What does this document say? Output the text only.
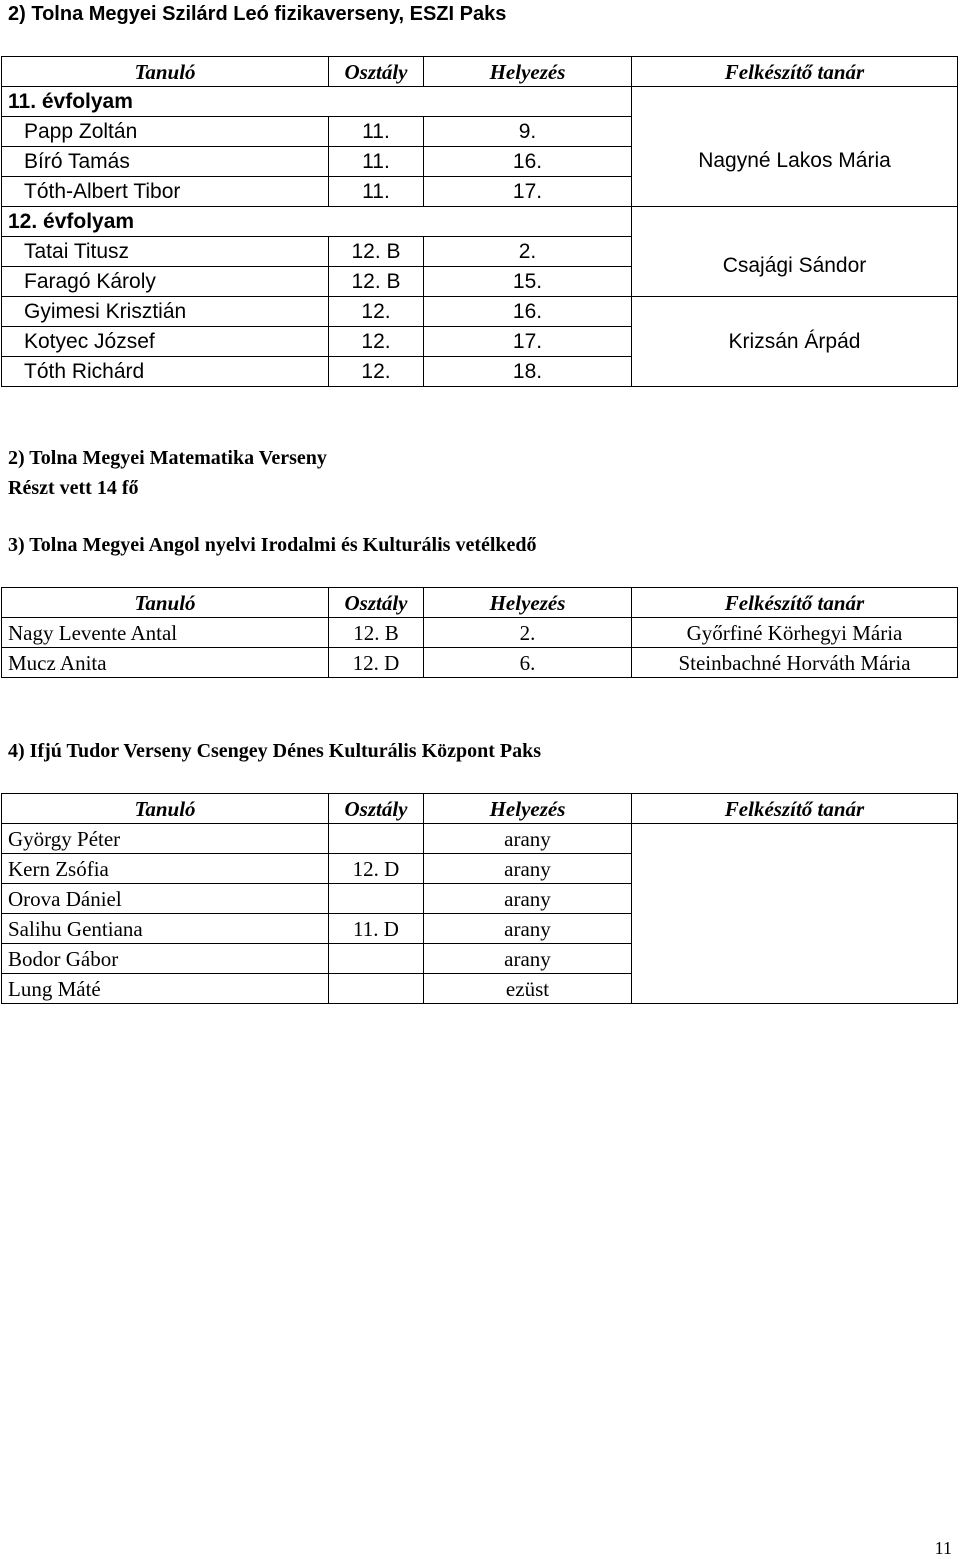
2) Tolna Megyei Szilárd Leó fizikaverseny, ESZI Paks
Tanuló	Osztály	Helyezés	Felkészítő tanár
11. évfolyam			
Papp Zoltán	11.	9.	Nagyné Lakos Mária
Bíró Tamás	11.	16.	
Tóth-Albert Tibor	11.	17.	
12. évfolyam			
Tatai Titusz	12. B	2.	Csajági Sándor
Faragó Károly	12. B	15.	
Gyimesi Krisztián	12.	16.	Krizsán Árpád
Kotyec József	12.	17.	
Tóth Richárd	12.	18.	
2) Tolna Megyei Matematika Verseny
Részt vett 14 fő
3) Tolna Megyei Angol nyelvi Irodalmi és Kulturális vetélkedő
Tanuló	Osztály	Helyezés	Felkészítő tanár
Nagy Levente Antal	12. B	2.	Győrfiné Körhegyi Mária
Mucz Anita	12. D	6.	Steinbachné Horváth Mária
4) Ifjú Tudor Verseny Csengey Dénes Kulturális Központ Paks
Tanuló	Osztály	Helyezés	Felkészítő tanár
György Péter		arany	
Kern Zsófia	12. D	arany	
Orova Dániel		arany	
Salihu Gentiana	11. D	arany	
Bodor Gábor		arany	
Lung Máté		ezüst	
11
